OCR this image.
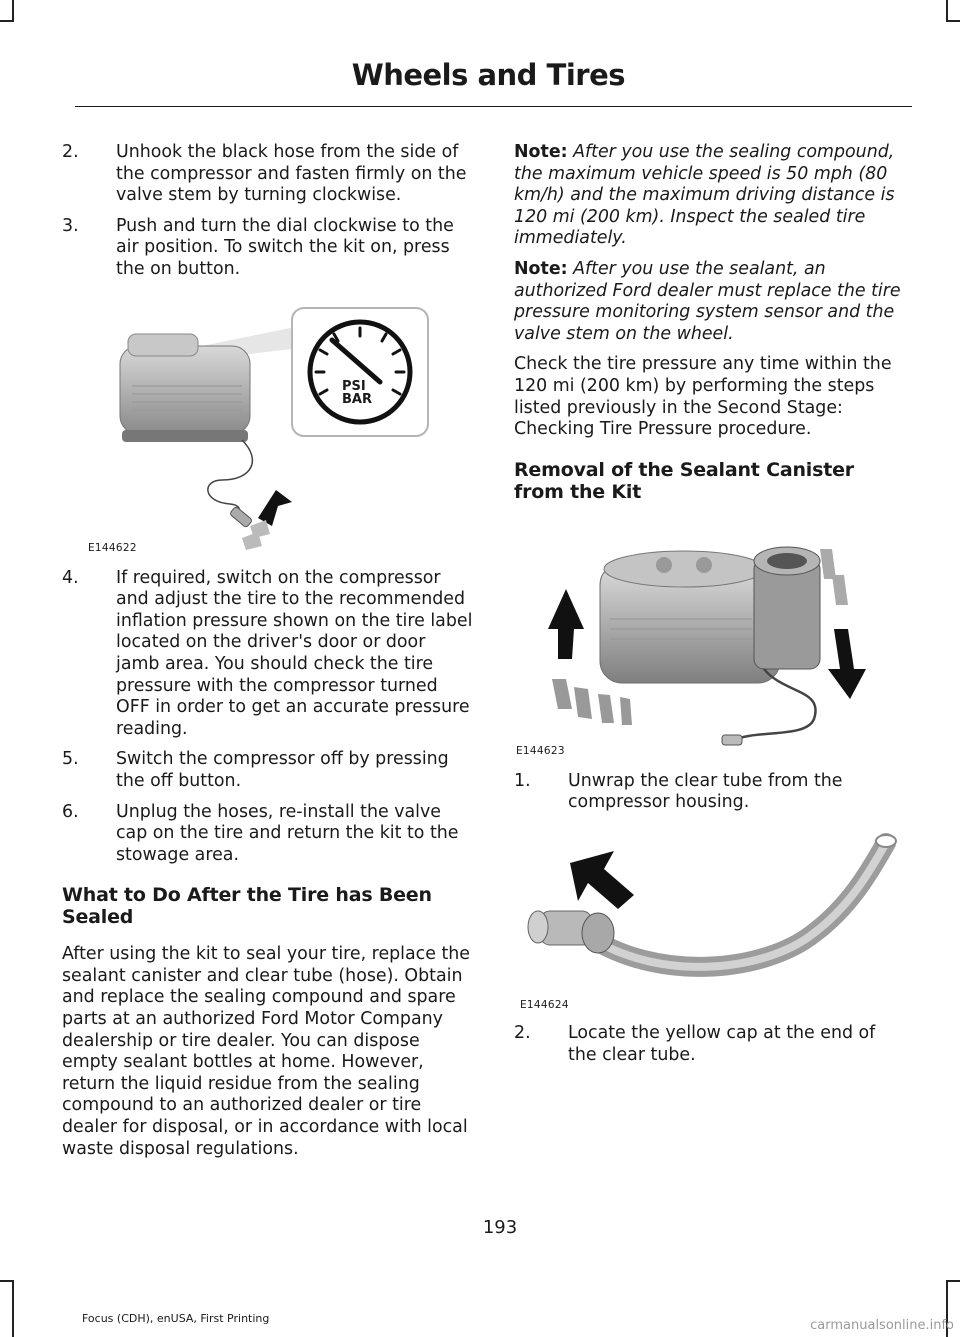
Wheels and Tires
2.	Unhook the black hose from the side of the compressor and fasten firmly on the valve stem by turning clockwise.
3.	Push and turn the dial clockwise to the air position. To switch the kit on, press the on button.
PSI
BAR
E144622
4.	If required, switch on the compressor and adjust the tire to the recommended inflation pressure shown on the tire label located on the driver's door or door jamb area. You should check the tire pressure with the compressor turned OFF in order to get an accurate pressure reading.
5.	Switch the compressor off by pressing the off button.
6.	Unplug the hoses, re-install the valve cap on the tire and return the kit to the stowage area.
What to Do After the Tire has Been Sealed
After using the kit to seal your tire, replace the sealant canister and clear tube (hose). Obtain and replace the sealing compound and spare parts at an authorized Ford Motor Company dealership or tire dealer. You can dispose empty sealant bottles at home. However, return the liquid residue from the sealing compound to an authorized dealer or tire dealer for disposal, or in accordance with local waste disposal regulations.
Note: After you use the sealing compound, the maximum vehicle speed is 50 mph (80 km/h) and the maximum driving distance is 120 mi (200 km). Inspect the sealed tire immediately.
Note: After you use the sealant, an authorized Ford dealer must replace the tire pressure monitoring system sensor and the valve stem on the wheel.
Check the tire pressure any time within the 120 mi (200 km) by performing the steps listed previously in the Second Stage: Checking Tire Pressure procedure.
Removal of the Sealant Canister from the Kit
E144623
1.	Unwrap the clear tube from the compressor housing.
E144624
2.	Locate the yellow cap at the end of the clear tube.
193
Focus (CDH), enUSA, First Printing	carmanualsonline.info
